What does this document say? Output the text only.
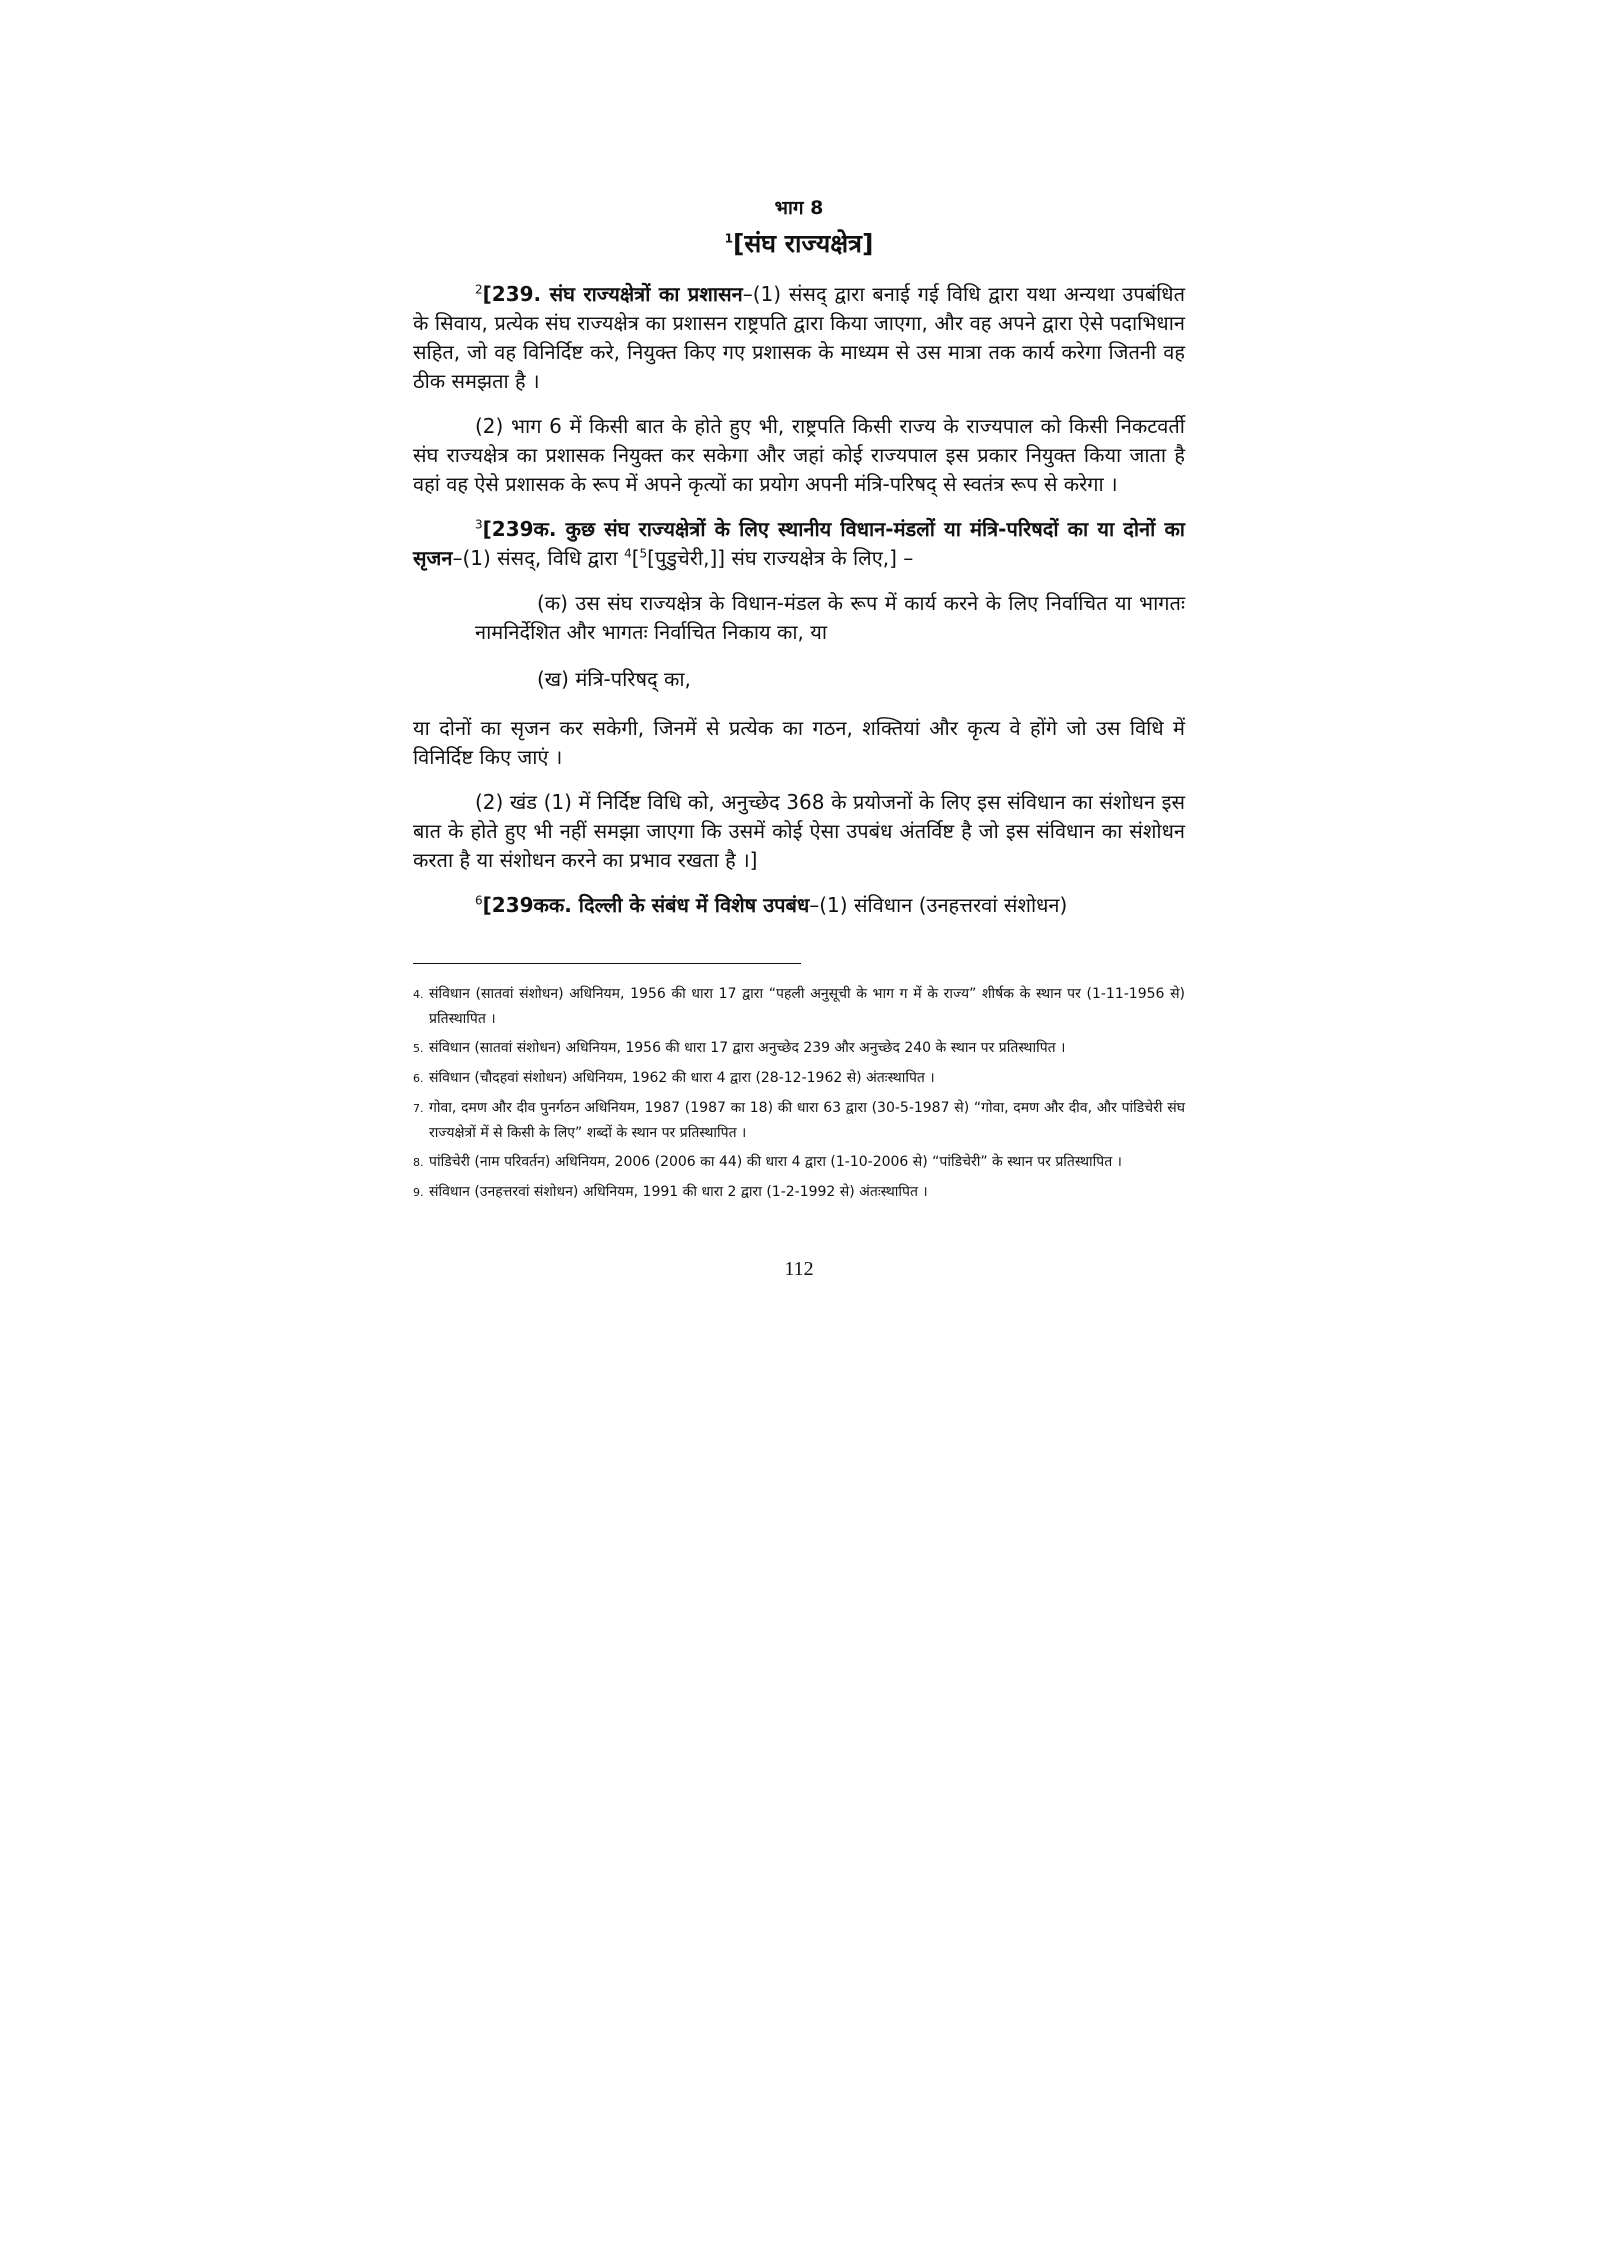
भाग 8
$^1$[संघ राज्यक्षेत्र]

$^2$[239. संघ राज्यक्षेत्रों का प्रशासन–(1) संसद् द्वारा बनाई गई विधि द्वारा यथा अन्यथा उपबंधित के सिवाय, प्रत्येक संघ राज्यक्षेत्र का प्रशासन राष्ट्रपति द्वारा किया जाएगा, और वह अपने द्वारा ऐसे पदाभिधान सहित, जो वह विनिर्दिष्ट करे, नियुक्त किए गए प्रशासक के माध्यम से उस मात्रा तक कार्य करेगा जितनी वह ठीक समझता है ।

(2) भाग 6 में किसी बात के होते हुए भी, राष्ट्रपति किसी राज्य के राज्यपाल को किसी निकटवर्ती संघ राज्यक्षेत्र का प्रशासक नियुक्त कर सकेगा और जहां कोई राज्यपाल इस प्रकार नियुक्त किया जाता है वहां वह ऐसे प्रशासक के रूप में अपने कृत्यों का प्रयोग अपनी मंत्रि-परिषद् से स्वतंत्र रूप से करेगा ।

$^3$[239क. कुछ संघ राज्यक्षेत्रों के लिए स्थानीय विधान-मंडलों या मंत्रि-परिषदों का या दोनों का सृजन–(1) संसद्, विधि द्वारा $^4$[$^5$[पुडुचेरी,]] संघ राज्यक्षेत्र के लिए,] –

(क) उस संघ राज्यक्षेत्र के विधान-मंडल के रूप में कार्य करने के लिए निर्वाचित या भागतः नामनिर्देशित और भागतः निर्वाचित निकाय का, या

(ख) मंत्रि-परिषद् का,

या दोनों का सृजन कर सकेगी, जिनमें से प्रत्येक का गठन, शक्तियां और कृत्य वे होंगे जो उस विधि में विनिर्दिष्ट किए जाएं ।

(2) खंड (1) में निर्दिष्ट विधि को, अनुच्छेद 368 के प्रयोजनों के लिए इस संविधान का संशोधन इस बात के होते हुए भी नहीं समझा जाएगा कि उसमें कोई ऐसा उपबंध अंतर्विष्ट है जो इस संविधान का संशोधन करता है या संशोधन करने का प्रभाव रखता है ।]

$^6$[239कक. दिल्ली के संबंध में विशेष उपबंध–(1) संविधान (उनहत्तरवां संशोधन)

4. संविधान (सातवां संशोधन) अधिनियम, 1956 की धारा 17 द्वारा “पहली अनुसूची के भाग ग में के राज्य” शीर्षक के स्थान पर (1-11-1956 से) प्रतिस्थापित ।
5. संविधान (सातवां संशोधन) अधिनियम, 1956 की धारा 17 द्वारा अनुच्छेद 239 और अनुच्छेद 240 के स्थान पर प्रतिस्थापित ।
6. संविधान (चौदहवां संशोधन) अधिनियम, 1962 की धारा 4 द्वारा (28-12-1962 से) अंतःस्थापित ।
7. गोवा, दमण और दीव पुनर्गठन अधिनियम, 1987 (1987 का 18) की धारा 63 द्वारा (30-5-1987 से) “गोवा, दमण और दीव, और पांडिचेरी संघ राज्यक्षेत्रों में से किसी के लिए” शब्दों के स्थान पर प्रतिस्थापित ।
8. पांडिचेरी (नाम परिवर्तन) अधिनियम, 2006 (2006 का 44) की धारा 4 द्वारा (1-10-2006 से) “पांडिचेरी” के स्थान पर प्रतिस्थापित ।
9. संविधान (उनहत्तरवां संशोधन) अधिनियम, 1991 की धारा 2 द्वारा (1-2-1992 से) अंतःस्थापित ।
112
